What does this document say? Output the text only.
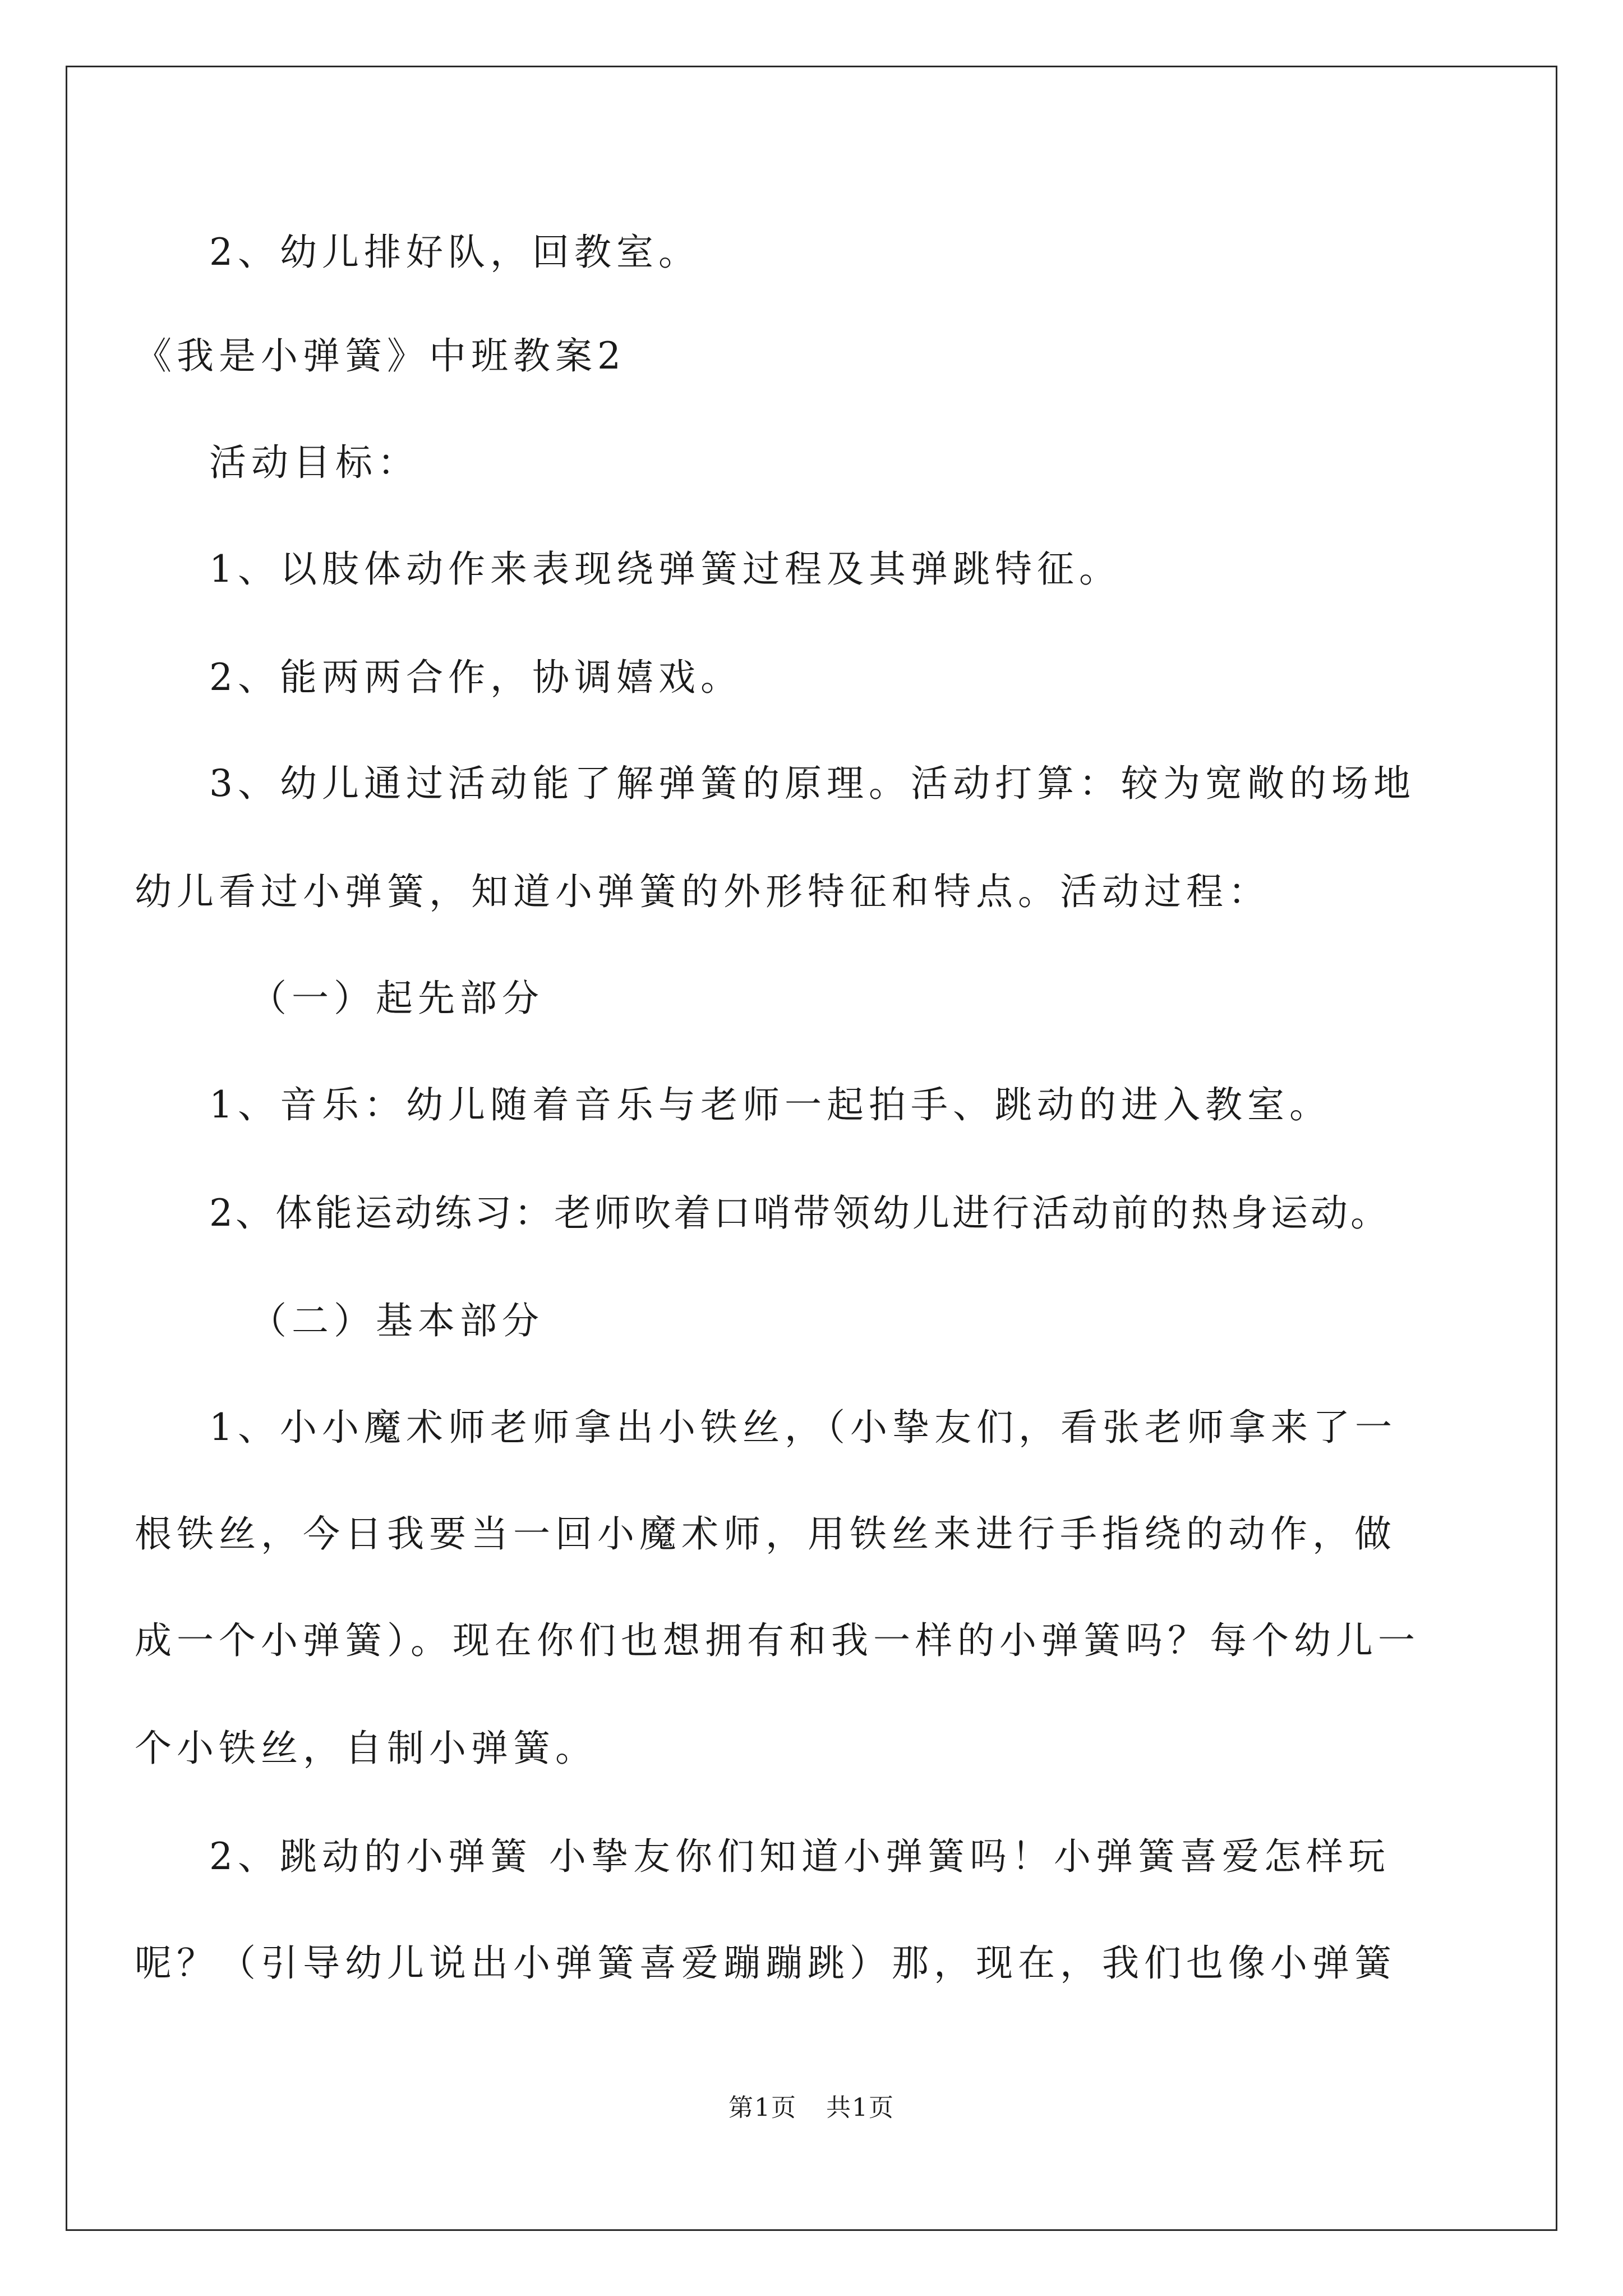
2、幼儿排好队，回教室。
《我是小弹簧》中班教案2
活动目标：
1、以肢体动作来表现绕弹簧过程及其弹跳特征。
2、能两两合作，协调嬉戏。
3、幼儿通过活动能了解弹簧的原理。活动打算：较为宽敞的场地
幼儿看过小弹簧，知道小弹簧的外形特征和特点。活动过程：
（一）起先部分
1、音乐：幼儿随着音乐与老师一起拍手、跳动的进入教室。
2、体能运动练习：老师吹着口哨带领幼儿进行活动前的热身运动。
（二）基本部分
1、小小魔术师老师拿出小铁丝，（小挚友们，看张老师拿来了一
根铁丝，今日我要当一回小魔术师，用铁丝来进行手指绕的动作，做
成一个小弹簧）。现在你们也想拥有和我一样的小弹簧吗？每个幼儿一
个小铁丝，自制小弹簧。
2、跳动的小弹簧 小挚友你们知道小弹簧吗！小弹簧喜爱怎样玩
呢？（引导幼儿说出小弹簧喜爱蹦蹦跳）那，现在，我们也像小弹簧
第1页 共1页
